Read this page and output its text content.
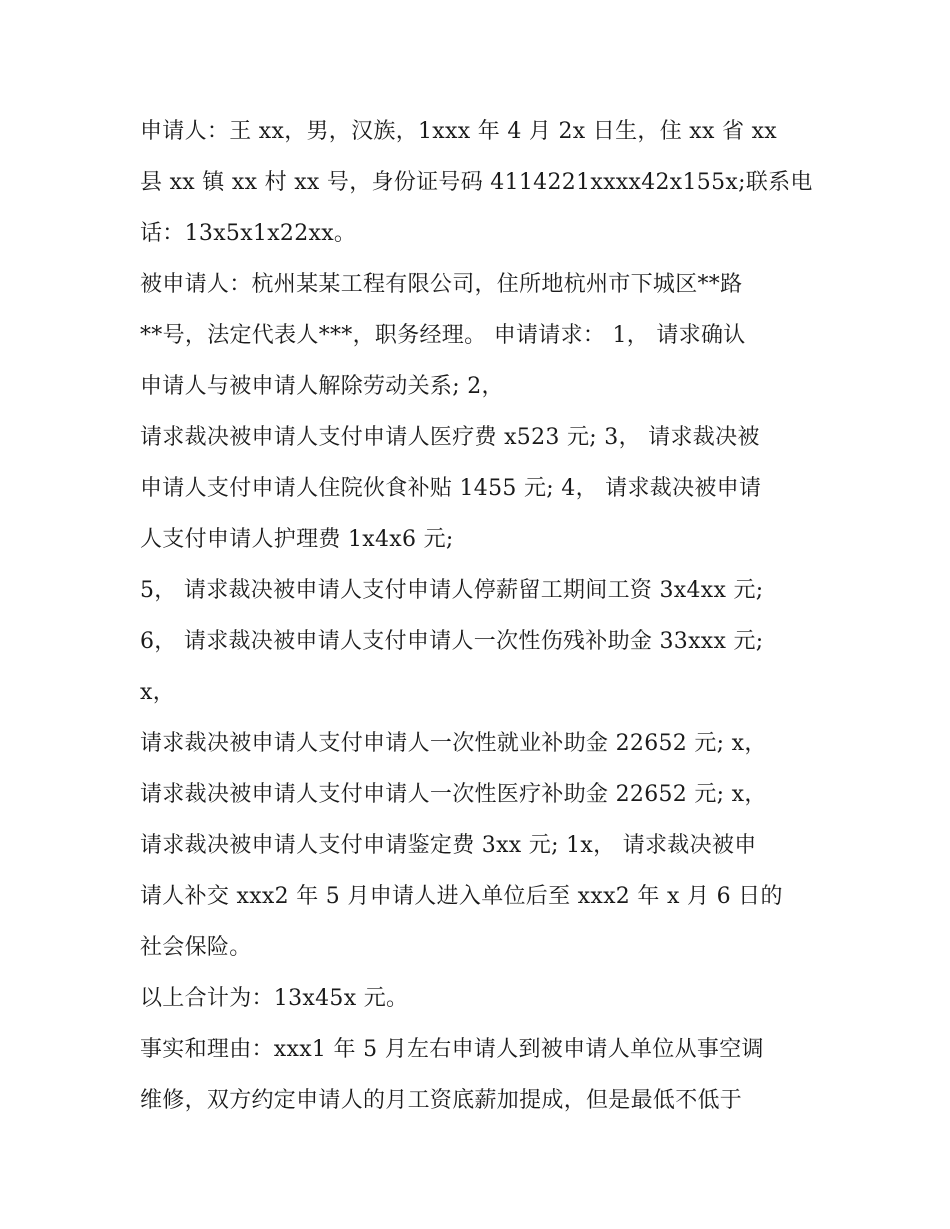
申请人：王 xx，男，汉族，1xxx 年 4 月 2x 日生，住 xx 省 xx
县 xx 镇 xx 村 xx 号，身份证号码 4114221xxxx42x155x;联系电
话：13x5x1x22xx。
被申请人：杭州某某工程有限公司，住所地杭州市下城区**路
**号，法定代表人***，职务经理。 申请请求： 1， 请求确认
申请人与被申请人解除劳动关系; 2，
请求裁决被申请人支付申请人医疗费 x523 元; 3， 请求裁决被
申请人支付申请人住院伙食补贴 1455 元; 4， 请求裁决被申请
人支付申请人护理费 1x4x6 元;
5， 请求裁决被申请人支付申请人停薪留工期间工资 3x4xx 元;
6， 请求裁决被申请人支付申请人一次性伤残补助金 33xxx 元;
x，
请求裁决被申请人支付申请人一次性就业补助金 22652 元; x，
请求裁决被申请人支付申请人一次性医疗补助金 22652 元; x，
请求裁决被申请人支付申请鉴定费 3xx 元; 1x， 请求裁决被申
请人补交 xxx2 年 5 月申请人进入单位后至 xxx2 年 x 月 6 日的
社会保险。
以上合计为：13x45x 元。
事实和理由：xxx1 年 5 月左右申请人到被申请人单位从事空调
维修，双方约定申请人的月工资底薪加提成，但是最低不低于
